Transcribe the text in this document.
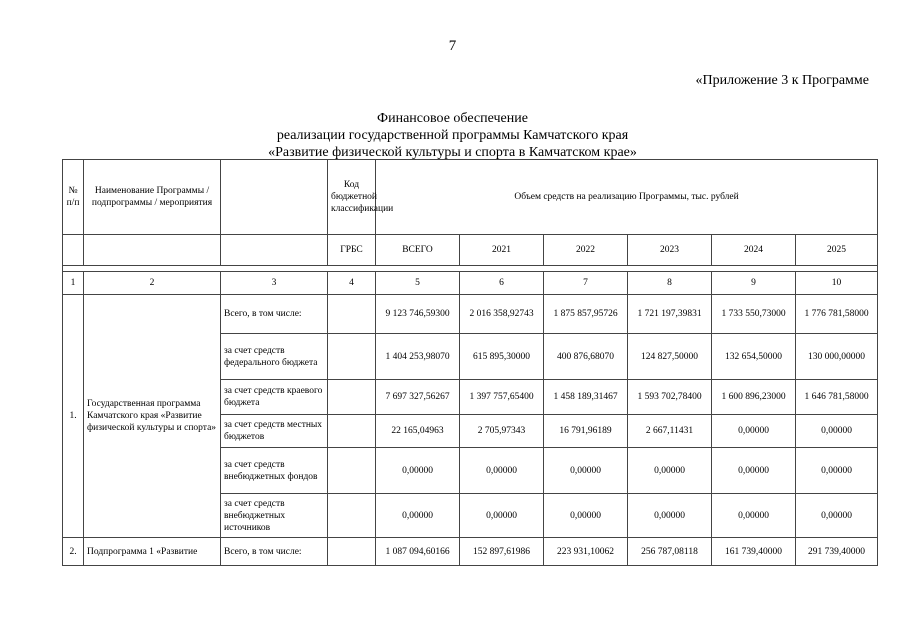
7
«Приложение 3 к Программе
Финансовое обеспечение
реализации государственной программы Камчатского края
«Развитие физической культуры и спорта в Камчатском крае»
№ п/п	Наименование Программы / подпрограммы / мероприятия		Код бюджетной классификации	Объем средств на реализацию Программы, тыс. рублей					
			ГРБС	ВСЕГО	2021	2022	2023	2024	2025

1	2	3	4	5	6	7	8	9	10
1.	Государственная программа Камчатского края «Развитие физической культуры и спорта»	Всего, в том числе:		9 123 746,59300	2 016 358,92743	1 875 857,95726	1 721 197,39831	1 733 550,73000	1 776 781,58000
		за счет средств федерального бюджета		1 404 253,98070	615 895,30000	400 876,68070	124 827,50000	132 654,50000	130 000,00000
		за счет средств краевого бюджета		7 697 327,56267	1 397 757,65400	1 458 189,31467	1 593 702,78400	1 600 896,23000	1 646 781,58000
		за счет средств местных бюджетов		22 165,04963	2 705,97343	16 791,96189	2 667,11431	0,00000	0,00000
		за счет средств внебюджетных фондов		0,00000	0,00000	0,00000	0,00000	0,00000	0,00000
		за счет средств внебюджетных источников		0,00000	0,00000	0,00000	0,00000	0,00000	0,00000
2.	Подпрограмма 1 «Развитие	Всего, в том числе:		1 087 094,60166	152 897,61986	223 931,10062	256 787,08118	161 739,40000	291 739,40000
